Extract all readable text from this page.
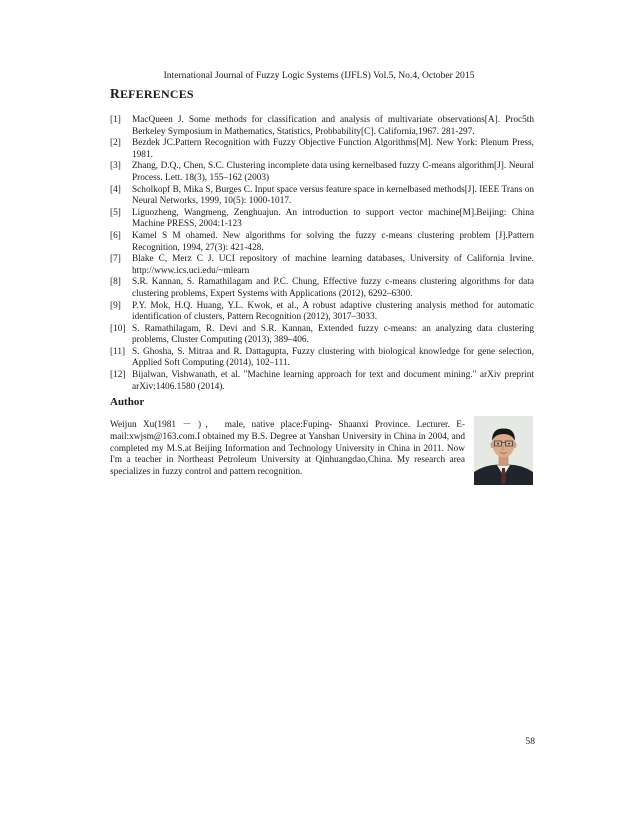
International Journal of Fuzzy Logic Systems (IJFLS) Vol.5, No.4, October 2015
REFERENCES
[1]	MacQueen J. Some methods for classification and analysis of multivariate observations[A]. Proc5th Berkeley Symposium in Mathematics, Statistics, Probbability[C]. California,1967. 281-297.
[2]	Bezdek JC.Pattern Recognition with Fuzzy Objective Function Algorithms[M]. New York: Plenum Press, 1981.
[3]	Zhang, D.Q., Chen, S.C. Clustering incomplete data using kernelbased fuzzy C-means algorithm[J]. Neural Process. Lett. 18(3), 155–162 (2003)
[4]	Scholkopf B, Mika S, Burges C. Input space versus feature space in kernelbased methods[J]. IEEE Trans on Neural Networks, 1999, 10(5): 1000-1017.
[5]	Liguozheng, Wangmeng, Zenghuajun. An introduction to support vector machine[M].Beijing: China Machine PRESS, 2004:1-123
[6]	Kamel S M ohamed. New algorithms for solving the fuzzy c-means clustering problem [J].Pattern Recognition, 1994, 27(3): 421-428.
[7]	Blake C, Merz C J. UCI repository of machine learning databases, University of California Irvine. http://www.ics.uci.edu/~mlearn
[8]	S.R. Kannan, S. Ramathilagam and P.C. Chung, Effective fuzzy c-means clustering algorithms for data clustering problems, Expert Systems with Applications (2012), 6292–6300.
[9]	P.Y. Mok, H.Q. Huang, Y.L. Kwok, et al., A robust adaptive clustering analysis method for automatic identification of clusters, Pattern Recognition (2012), 3017–3033.
[10] S. Ramathilagam, R. Devi and S.R. Kannan, Extended fuzzy c-means: an analyzing data clustering problems, Cluster Computing (2013), 389–406.
[11] S. Ghosha, S. Mitraa and R. Dattagupta, Fuzzy clustering with biological knowledge for gene selection, Applied Soft Computing (2014), 102–111.
[12] Bijalwan, Vishwanath, et al. "Machine learning approach for text and document mining." arXiv preprint arXiv:1406.1580 (2014).
Author
Weijun Xu(1981 － )， male, native place:Fuping- Shaanxi Province. Lecturer. E-mail:xwjsm@163.com.I obtained my B.S. Degree at Yanshan University in China in 2004, and completed my M.S.at Beijing Information and Technology University in China in 2011. Now I'm a teacher in Northeast Petroleum University at Qinhuangdao,China. My research area specializes in fuzzy control and pattern recognition.
58
